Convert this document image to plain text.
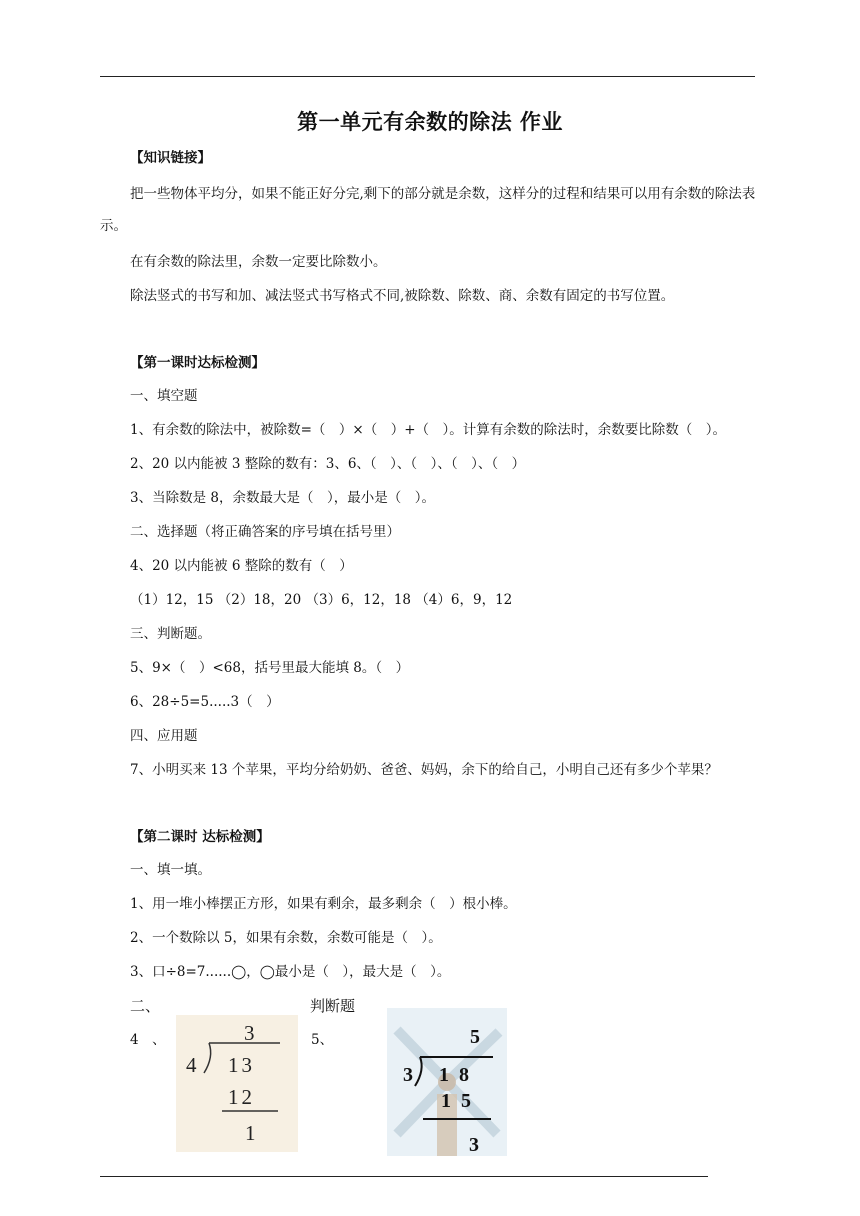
第一单元有余数的除法 作业
【知识链接】
把一些物体平均分，如果不能正好分完,剩下的部分就是余数，这样分的过程和结果可以用有余数的除法表示。
在有余数的除法里，余数一定要比除数小。
除法竖式的书写和加、减法竖式书写格式不同,被除数、除数、商、余数有固定的书写位置。
【第一课时达标检测】
一、填空题
1、有余数的除法中，被除数=（　）×（　）+（　）。计算有余数的除法时，余数要比除数（　）。
2、20 以内能被 3 整除的数有：3、6、（　）、（　）、（　）、（　）
3、当除数是 8，余数最大是（　），最小是（　）。
二、选择题（将正确答案的序号填在括号里）
4、20 以内能被 6 整除的数有（　）
（1）12，15 （2）18，20 （3）6，12，18 （4）6，9，12
三、判断题。
5、9×（　）<68，括号里最大能填 8。（　）
6、28÷5=5.....3（　）
四、应用题
7、小明买来 13 个苹果，平均分给奶奶、爸爸、妈妈，余下的给自己，小明自己还有多少个苹果？
【第二课时 达标检测】
一、填一填。
1、用一堆小棒摆正方形，如果有剩余，最多剩余（　）根小棒。
2、一个数除以 5，如果有余数，余数可能是（　）。
3、口÷8=7......◯，◯最小是（　），最大是（　）。
二、	判断题
4　、	5、
3
4 13
12
1
5
3 18
15
3
